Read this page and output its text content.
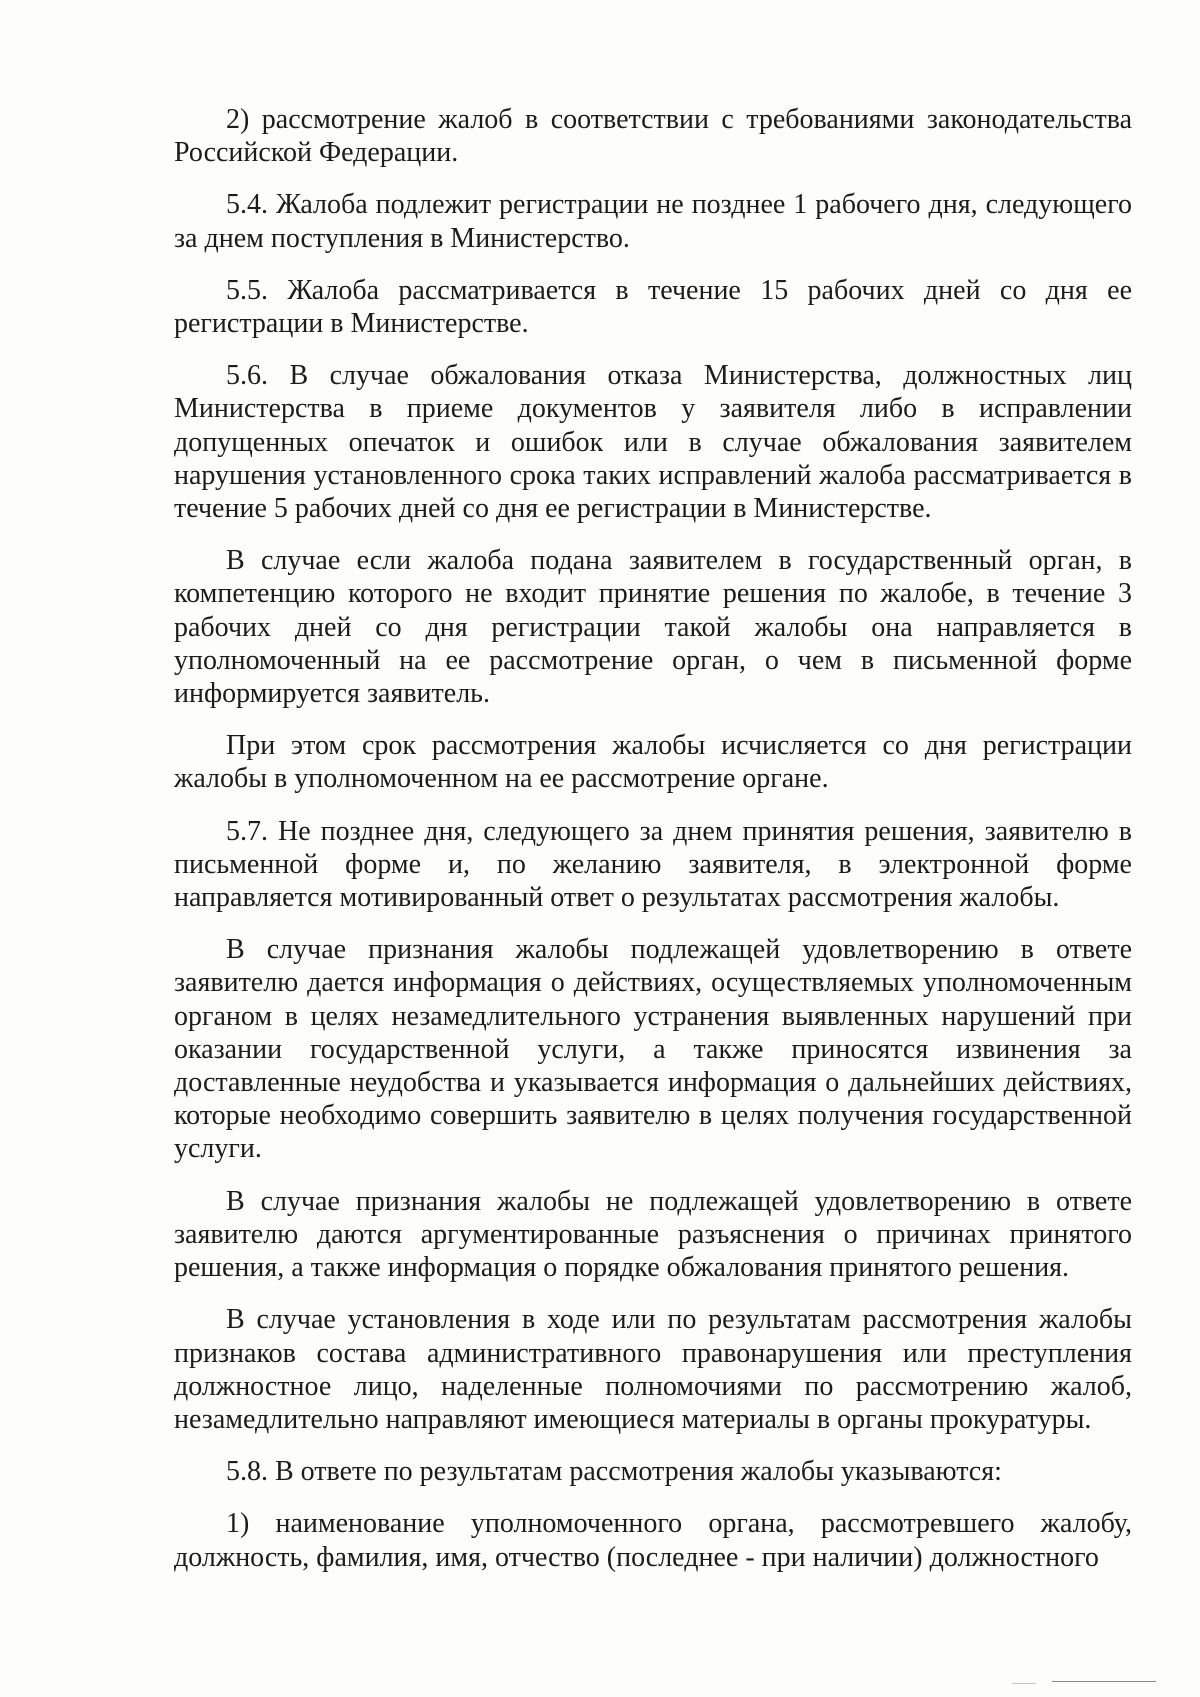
2) рассмотрение жалоб в соответствии с требованиями законодательства Российской Федерации.

5.4. Жалоба подлежит регистрации не позднее 1 рабочего дня, следующего за днем поступления в Министерство.

5.5. Жалоба рассматривается в течение 15 рабочих дней со дня ее регистрации в Министерстве.

5.6. В случае обжалования отказа Министерства, должностных лиц Министерства в приеме документов у заявителя либо в исправлении допущенных опечаток и ошибок или в случае обжалования заявителем нарушения установленного срока таких исправлений жалоба рассматривается в течение 5 рабочих дней со дня ее регистрации в Министерстве.

В случае если жалоба подана заявителем в государственный орган, в компетенцию которого не входит принятие решения по жалобе, в течение 3 рабочих дней со дня регистрации такой жалобы она направляется в уполномоченный на ее рассмотрение орган, о чем в письменной форме информируется заявитель.

При этом срок рассмотрения жалобы исчисляется со дня регистрации жалобы в уполномоченном на ее рассмотрение органе.

5.7. Не позднее дня, следующего за днем принятия решения, заявителю в письменной форме и, по желанию заявителя, в электронной форме направляется мотивированный ответ о результатах рассмотрения жалобы.

В случае признания жалобы подлежащей удовлетворению в ответе заявителю дается информация о действиях, осуществляемых уполномоченным органом в целях незамедлительного устранения выявленных нарушений при оказании государственной услуги, а также приносятся извинения за доставленные неудобства и указывается информация о дальнейших действиях, которые необходимо совершить заявителю в целях получения государственной услуги.

В случае признания жалобы не подлежащей удовлетворению в ответе заявителю даются аргументированные разъяснения о причинах принятого решения, а также информация о порядке обжалования принятого решения.

В случае установления в ходе или по результатам рассмотрения жалобы признаков состава административного правонарушения или преступления должностное лицо, наделенные полномочиями по рассмотрению жалоб, незамедлительно направляют имеющиеся материалы в органы прокуратуры.

5.8. В ответе по результатам рассмотрения жалобы указываются:

1) наименование уполномоченного органа, рассмотревшего жалобу, должность, фамилия, имя, отчество (последнее - при наличии) должностного
